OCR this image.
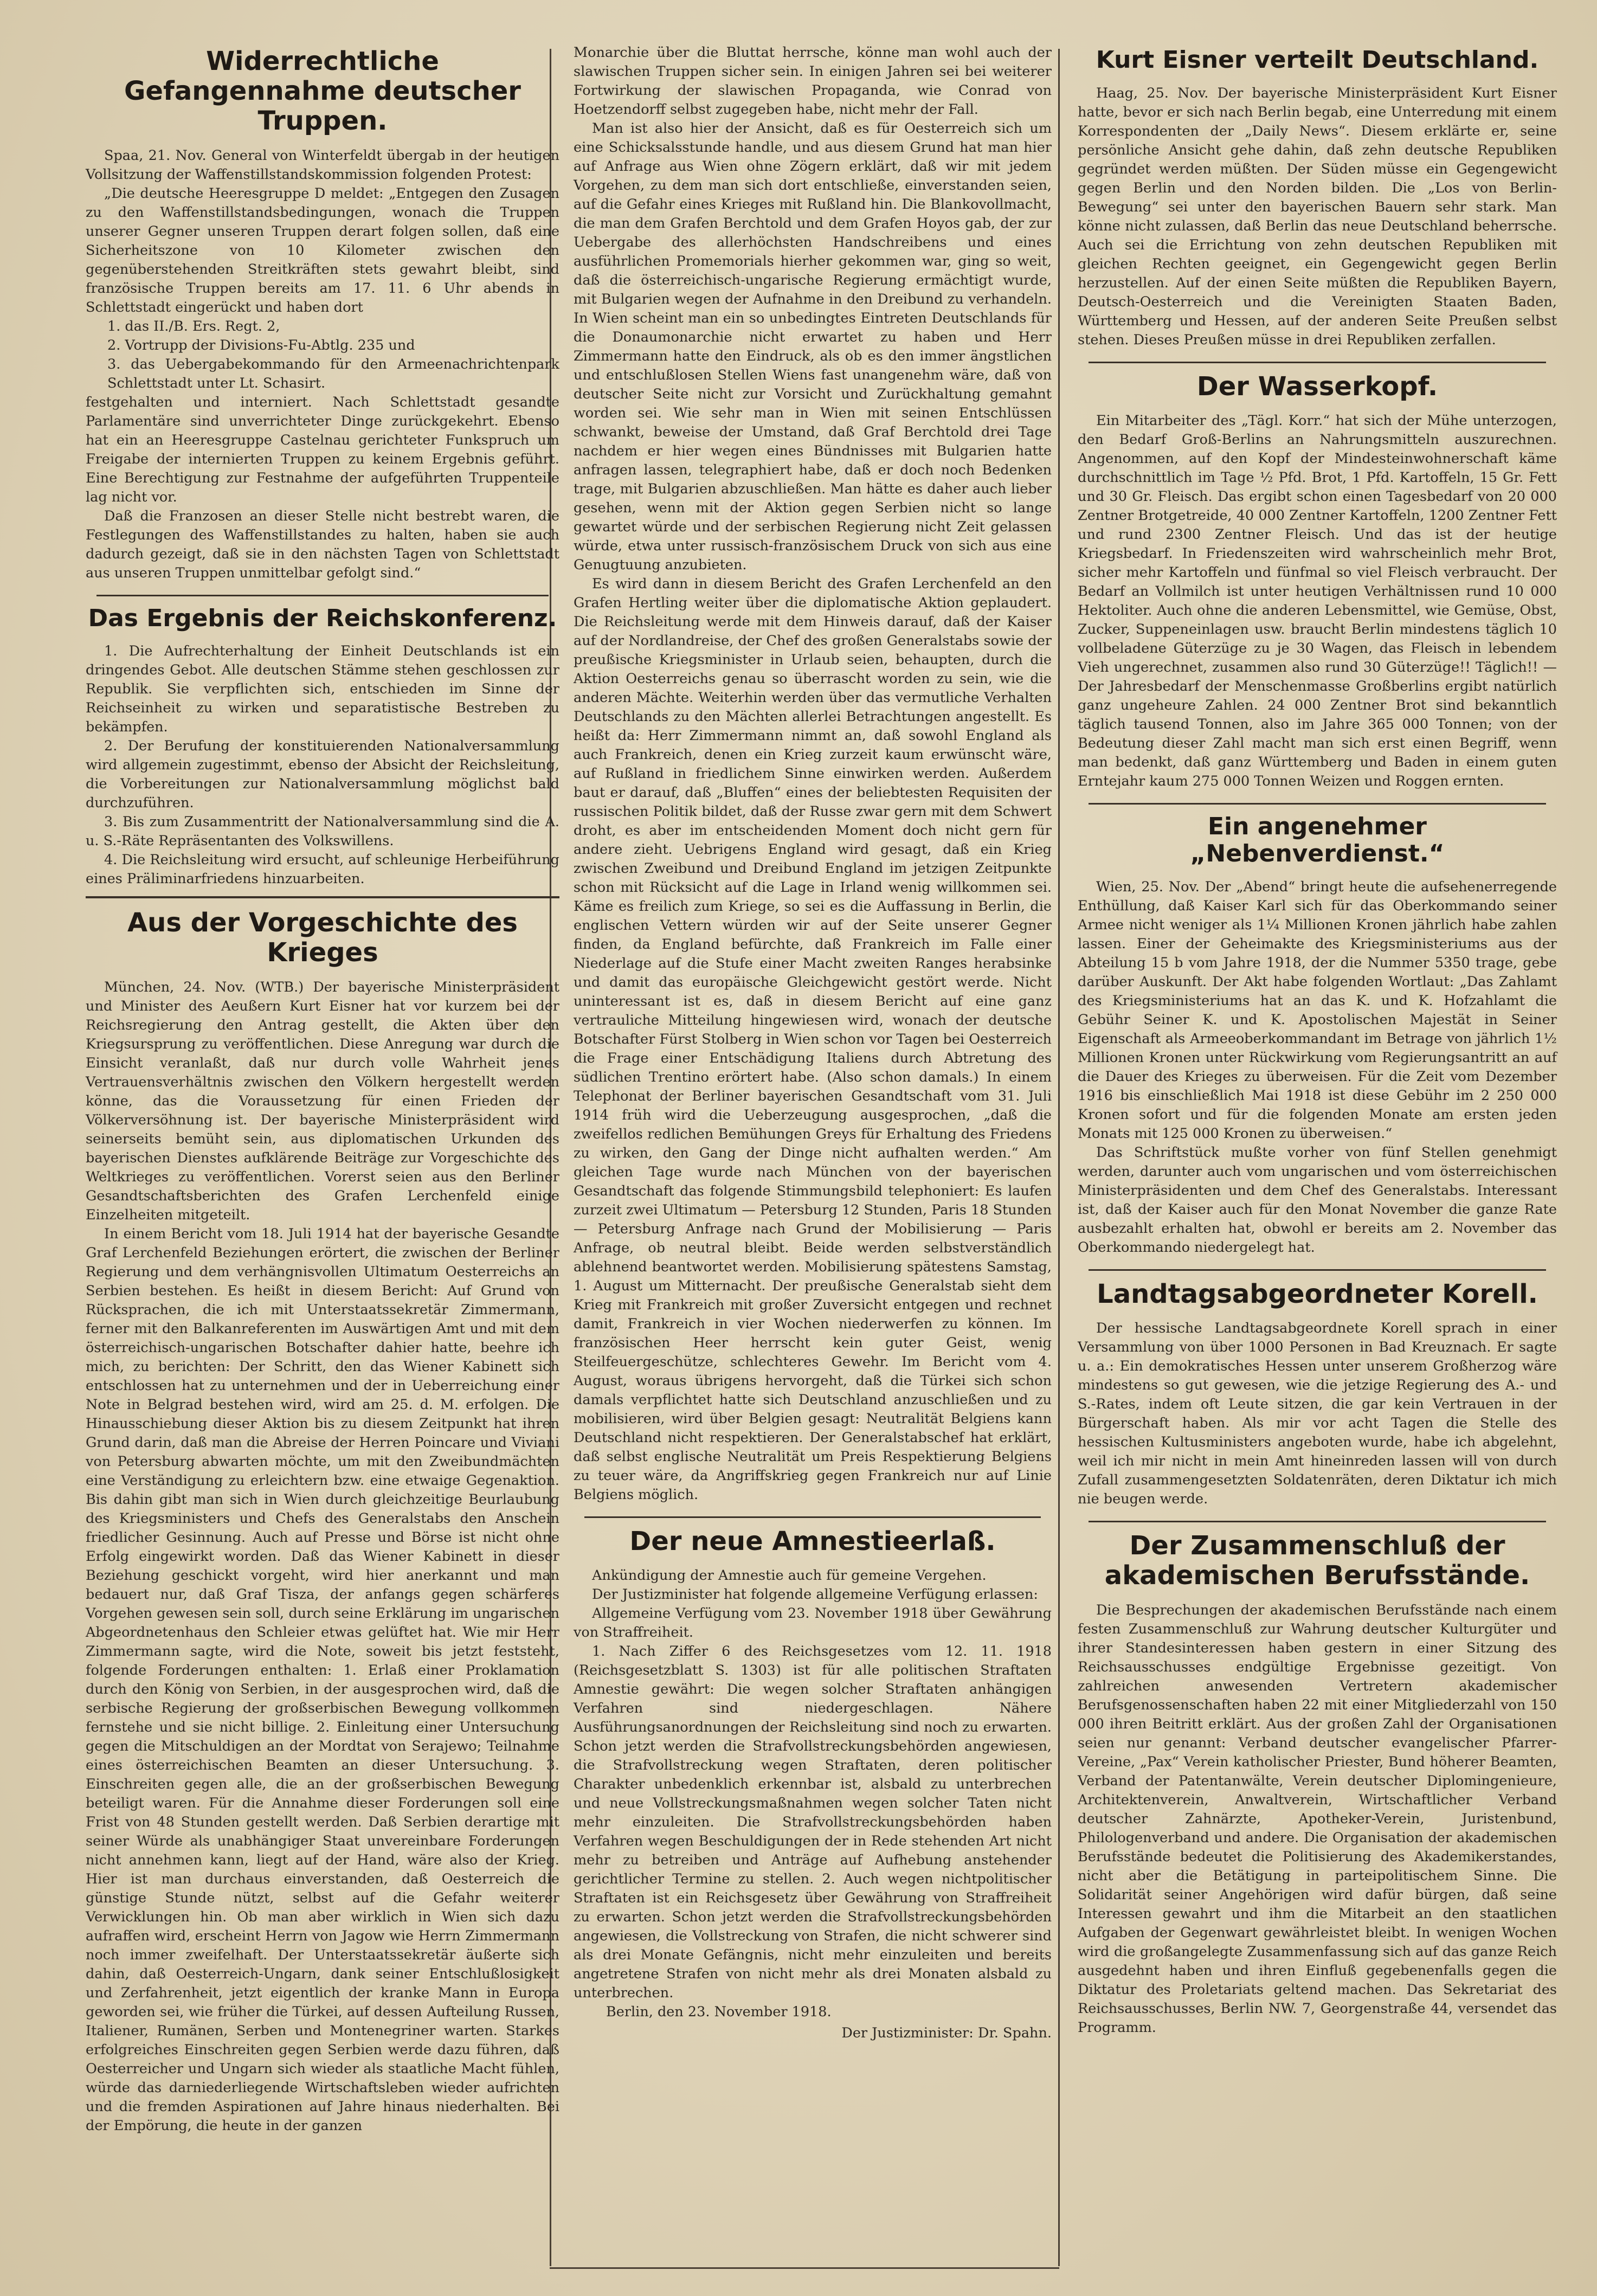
Widerrechtliche Gefangennahme deutscher Truppen.

Spaa, 21. Nov. General von Winterfeldt übergab in der heutigen Vollsitzung der Waffenstillstandskommission folgenden Protest:

„Die deutsche Heeresgruppe D meldet: „Entgegen den Zusagen zu den Waffenstillstandsbedingungen, wonach die Truppen unserer Gegner unseren Truppen derart folgen sollen, daß eine Sicherheitszone von 10 Kilometer zwischen den gegenüberstehenden Streitkräften stets gewahrt bleibt, sind französische Truppen bereits am 17. 11. 6 Uhr abends in Schlettstadt eingerückt und haben dort

1. das II./B. Ers. Regt. 2,

2. Vortrupp der Divisions-Fu-Abtlg. 235 und

3. das Uebergabekommando für den Armeenachrichtenpark Schlettstadt unter Lt. Schasirt.

festgehalten und interniert. Nach Schlettstadt gesandte Parlamentäre sind unverrichteter Dinge zurückgekehrt. Ebenso hat ein an Heeresgruppe Castelnau gerichteter Funkspruch um Freigabe der internierten Truppen zu keinem Ergebnis geführt. Eine Berechtigung zur Festnahme der aufgeführten Truppenteile lag nicht vor.

Daß die Franzosen an dieser Stelle nicht bestrebt waren, die Festlegungen des Waffenstillstandes zu halten, haben sie auch dadurch gezeigt, daß sie in den nächsten Tagen von Schlettstadt aus unseren Truppen unmittelbar gefolgt sind.“

Das Ergebnis der Reichskonferenz.

1. Die Aufrechterhaltung der Einheit Deutschlands ist ein dringendes Gebot. Alle deutschen Stämme stehen geschlossen zur Republik. Sie verpflichten sich, entschieden im Sinne der Reichseinheit zu wirken und separatistische Bestreben zu bekämpfen.

2. Der Berufung der konstituierenden Nationalversammlung wird allgemein zugestimmt, ebenso der Absicht der Reichsleitung, die Vorbereitungen zur Nationalversammlung möglichst bald durchzuführen.

3. Bis zum Zusammentritt der Nationalversammlung sind die A. u. S.-Räte Repräsentanten des Volkswillens.

4. Die Reichsleitung wird ersucht, auf schleunige Herbeiführung eines Präliminarfriedens hinzuarbeiten.

Aus der Vorgeschichte des Krieges

München, 24. Nov. (WTB.) Der bayerische Ministerpräsident und Minister des Aeußern Kurt Eisner hat vor kurzem bei der Reichsregierung den Antrag gestellt, die Akten über den Kriegsursprung zu veröffentlichen. Diese Anregung war durch die Einsicht veranlaßt, daß nur durch volle Wahrheit jenes Vertrauensverhältnis zwischen den Völkern hergestellt werden könne, das die Voraussetzung für einen Frieden der Völkerversöhnung ist. Der bayerische Ministerpräsident wird seinerseits bemüht sein, aus diplomatischen Urkunden des bayerischen Dienstes aufklärende Beiträge zur Vorgeschichte des Weltkrieges zu veröffentlichen. Vorerst seien aus den Berliner Gesandtschaftsberichten des Grafen Lerchenfeld einige Einzelheiten mitgeteilt.

In einem Bericht vom 18. Juli 1914 hat der bayerische Gesandte Graf Lerchenfeld Beziehungen erörtert, die zwischen der Berliner Regierung und dem verhängnisvollen Ultimatum Oesterreichs an Serbien bestehen. Es heißt in diesem Bericht: Auf Grund von Rücksprachen, die ich mit Unterstaatssekretär Zimmermann, ferner mit den Balkanreferenten im Auswärtigen Amt und mit dem österreichisch-ungarischen Botschafter dahier hatte, beehre ich mich, zu berichten: Der Schritt, den das Wiener Kabinett sich entschlossen hat zu unternehmen und der in Ueberreichung einer Note in Belgrad bestehen wird, wird am 25. d. M. erfolgen. Die Hinausschiebung dieser Aktion bis zu diesem Zeitpunkt hat ihren Grund darin, daß man die Abreise der Herren Poincare und Viviani von Petersburg abwarten möchte, um mit den Zweibundmächten eine Verständigung zu erleichtern bzw. eine etwaige Gegenaktion. Bis dahin gibt man sich in Wien durch gleichzeitige Beurlaubung des Kriegsministers und Chefs des Generalstabs den Anschein friedlicher Gesinnung. Auch auf Presse und Börse ist nicht ohne Erfolg eingewirkt worden. Daß das Wiener Kabinett in dieser Beziehung geschickt vorgeht, wird hier anerkannt und man bedauert nur, daß Graf Tisza, der anfangs gegen schärferes Vorgehen gewesen sein soll, durch seine Erklärung im ungarischen Abgeordnetenhaus den Schleier etwas gelüftet hat. Wie mir Herr Zimmermann sagte, wird die Note, soweit bis jetzt feststeht, folgende Forderungen enthalten: 1. Erlaß einer Proklamation durch den König von Serbien, in der ausgesprochen wird, daß die serbische Regierung der großserbischen Bewegung vollkommen fernstehe und sie nicht billige. 2. Einleitung einer Untersuchung gegen die Mitschuldigen an der Mordtat von Serajewo; Teilnahme eines österreichischen Beamten an dieser Untersuchung. 3. Einschreiten gegen alle, die an der großserbischen Bewegung beteiligt waren. Für die Annahme dieser Forderungen soll eine Frist von 48 Stunden gestellt werden. Daß Serbien derartige mit seiner Würde als unabhängiger Staat unvereinbare Forderungen nicht annehmen kann, liegt auf der Hand, wäre also der Krieg. Hier ist man durchaus einverstanden, daß Oesterreich die günstige Stunde nützt, selbst auf die Gefahr weiterer Verwicklungen hin. Ob man aber wirklich in Wien sich dazu aufraffen wird, erscheint Herrn von Jagow wie Herrn Zimmermann noch immer zweifelhaft. Der Unterstaatssekretär äußerte sich dahin, daß Oesterreich-Ungarn, dank seiner Entschlußlosigkeit und Zerfahrenheit, jetzt eigentlich der kranke Mann in Europa geworden sei, wie früher die Türkei, auf dessen Aufteilung Russen, Italiener, Rumänen, Serben und Montenegriner warten. Starkes erfolgreiches Einschreiten gegen Serbien werde dazu führen, daß Oesterreicher und Ungarn sich wieder als staatliche Macht fühlen, würde das darniederliegende Wirtschaftsleben wieder aufrichten und die fremden Aspirationen auf Jahre hinaus niederhalten. Bei der Empörung, die heute in der ganzen

Monarchie über die Bluttat herrsche, könne man wohl auch der slawischen Truppen sicher sein. In einigen Jahren sei bei weiterer Fortwirkung der slawischen Propaganda, wie Conrad von Hoetzendorff selbst zugegeben habe, nicht mehr der Fall.

Man ist also hier der Ansicht, daß es für Oesterreich sich um eine Schicksalsstunde handle, und aus diesem Grund hat man hier auf Anfrage aus Wien ohne Zögern erklärt, daß wir mit jedem Vorgehen, zu dem man sich dort entschließe, einverstanden seien, auf die Gefahr eines Krieges mit Rußland hin. Die Blankovollmacht, die man dem Grafen Berchtold und dem Grafen Hoyos gab, der zur Uebergabe des allerhöchsten Handschreibens und eines ausführlichen Promemorials hierher gekommen war, ging so weit, daß die österreichisch-ungarische Regierung ermächtigt wurde, mit Bulgarien wegen der Aufnahme in den Dreibund zu verhandeln. In Wien scheint man ein so unbedingtes Eintreten Deutschlands für die Donaumonarchie nicht erwartet zu haben und Herr Zimmermann hatte den Eindruck, als ob es den immer ängstlichen und entschlußlosen Stellen Wiens fast unangenehm wäre, daß von deutscher Seite nicht zur Vorsicht und Zurückhaltung gemahnt worden sei. Wie sehr man in Wien mit seinen Entschlüssen schwankt, beweise der Umstand, daß Graf Berchtold drei Tage nachdem er hier wegen eines Bündnisses mit Bulgarien hatte anfragen lassen, telegraphiert habe, daß er doch noch Bedenken trage, mit Bulgarien abzuschließen. Man hätte es daher auch lieber gesehen, wenn mit der Aktion gegen Serbien nicht so lange gewartet würde und der serbischen Regierung nicht Zeit gelassen würde, etwa unter russisch-französischem Druck von sich aus eine Genugtuung anzubieten.

Es wird dann in diesem Bericht des Grafen Lerchenfeld an den Grafen Hertling weiter über die diplomatische Aktion geplaudert. Die Reichsleitung werde mit dem Hinweis darauf, daß der Kaiser auf der Nordlandreise, der Chef des großen Generalstabs sowie der preußische Kriegsminister in Urlaub seien, behaupten, durch die Aktion Oesterreichs genau so überrascht worden zu sein, wie die anderen Mächte. Weiterhin werden über das vermutliche Verhalten Deutschlands zu den Mächten allerlei Betrachtungen angestellt. Es heißt da: Herr Zimmermann nimmt an, daß sowohl England als auch Frankreich, denen ein Krieg zurzeit kaum erwünscht wäre, auf Rußland in friedlichem Sinne einwirken werden. Außerdem baut er darauf, daß „Bluffen“ eines der beliebtesten Requisiten der russischen Politik bildet, daß der Russe zwar gern mit dem Schwert droht, es aber im entscheidenden Moment doch nicht gern für andere zieht. Uebrigens England wird gesagt, daß ein Krieg zwischen Zweibund und Dreibund England im jetzigen Zeitpunkte schon mit Rücksicht auf die Lage in Irland wenig willkommen sei. Käme es freilich zum Kriege, so sei es die Auffassung in Berlin, die englischen Vettern würden wir auf der Seite unserer Gegner finden, da England befürchte, daß Frankreich im Falle einer Niederlage auf die Stufe einer Macht zweiten Ranges herabsinke und damit das europäische Gleichgewicht gestört werde. Nicht uninteressant ist es, daß in diesem Bericht auf eine ganz vertrauliche Mitteilung hingewiesen wird, wonach der deutsche Botschafter Fürst Stolberg in Wien schon vor Tagen bei Oesterreich die Frage einer Entschädigung Italiens durch Abtretung des südlichen Trentino erörtert habe. (Also schon damals.) In einem Telephonat der Berliner bayerischen Gesandtschaft vom 31. Juli 1914 früh wird die Ueberzeugung ausgesprochen, „daß die zweifellos redlichen Bemühungen Greys für Erhaltung des Friedens zu wirken, den Gang der Dinge nicht aufhalten werden.“ Am gleichen Tage wurde nach München von der bayerischen Gesandtschaft das folgende Stimmungsbild telephoniert: Es laufen zurzeit zwei Ultimatum — Petersburg 12 Stunden, Paris 18 Stunden — Petersburg Anfrage nach Grund der Mobilisierung — Paris Anfrage, ob neutral bleibt. Beide werden selbstverständlich ablehnend beantwortet werden. Mobilisierung spätestens Samstag, 1. August um Mitternacht. Der preußische Generalstab sieht dem Krieg mit Frankreich mit großer Zuversicht entgegen und rechnet damit, Frankreich in vier Wochen niederwerfen zu können. Im französischen Heer herrscht kein guter Geist, wenig Steilfeuergeschütze, schlechteres Gewehr. Im Bericht vom 4. August, woraus übrigens hervorgeht, daß die Türkei sich schon damals verpflichtet hatte sich Deutschland anzuschließen und zu mobilisieren, wird über Belgien gesagt: Neutralität Belgiens kann Deutschland nicht respektieren. Der Generalstabschef hat erklärt, daß selbst englische Neutralität um Preis Respektierung Belgiens zu teuer wäre, da Angriffskrieg gegen Frankreich nur auf Linie Belgiens möglich.

Der neue Amnestieerlaß.

Ankündigung der Amnestie auch für gemeine Vergehen.

Der Justizminister hat folgende allgemeine Verfügung erlassen:

Allgemeine Verfügung vom 23. November 1918 über Gewährung von Straffreiheit.

1. Nach Ziffer 6 des Reichsgesetzes vom 12. 11. 1918 (Reichsgesetzblatt S. 1303) ist für alle politischen Straftaten Amnestie gewährt: Die wegen solcher Straftaten anhängigen Verfahren sind niedergeschlagen. Nähere Ausführungsanordnungen der Reichsleitung sind noch zu erwarten. Schon jetzt werden die Strafvollstreckungsbehörden angewiesen, die Strafvollstreckung wegen Straftaten, deren politischer Charakter unbedenklich erkennbar ist, alsbald zu unterbrechen und neue Vollstreckungsmaßnahmen wegen solcher Taten nicht mehr einzuleiten. Die Strafvollstreckungsbehörden haben Verfahren wegen Beschuldigungen der in Rede stehenden Art nicht mehr zu betreiben und Anträge auf Aufhebung anstehender gerichtlicher Termine zu stellen. 2. Auch wegen nichtpolitischer Straftaten ist ein Reichsgesetz über Gewährung von Straffreiheit zu erwarten. Schon jetzt werden die Strafvollstreckungsbehörden angewiesen, die Vollstreckung von Strafen, die nicht schwerer sind als drei Monate Gefängnis, nicht mehr einzuleiten und bereits angetretene Strafen von nicht mehr als drei Monaten alsbald zu unterbrechen.

Berlin, den 23. November 1918.

Der Justizminister: Dr. Spahn.

Kurt Eisner verteilt Deutschland.

Haag, 25. Nov. Der bayerische Ministerpräsident Kurt Eisner hatte, bevor er sich nach Berlin begab, eine Unterredung mit einem Korrespondenten der „Daily News“. Diesem erklärte er, seine persönliche Ansicht gehe dahin, daß zehn deutsche Republiken gegründet werden müßten. Der Süden müsse ein Gegengewicht gegen Berlin und den Norden bilden. Die „Los von Berlin-Bewegung“ sei unter den bayerischen Bauern sehr stark. Man könne nicht zulassen, daß Berlin das neue Deutschland beherrsche. Auch sei die Errichtung von zehn deutschen Republiken mit gleichen Rechten geeignet, ein Gegengewicht gegen Berlin herzustellen. Auf der einen Seite müßten die Republiken Bayern, Deutsch-Oesterreich und die Vereinigten Staaten Baden, Württemberg und Hessen, auf der anderen Seite Preußen selbst stehen. Dieses Preußen müsse in drei Republiken zerfallen.

Der Wasserkopf.

Ein Mitarbeiter des „Tägl. Korr.“ hat sich der Mühe unterzogen, den Bedarf Groß-Berlins an Nahrungsmitteln auszurechnen. Angenommen, auf den Kopf der Mindesteinwohnerschaft käme durchschnittlich im Tage ½ Pfd. Brot, 1 Pfd. Kartoffeln, 15 Gr. Fett und 30 Gr. Fleisch. Das ergibt schon einen Tagesbedarf von 20 000 Zentner Brotgetreide, 40 000 Zentner Kartoffeln, 1200 Zentner Fett und rund 2300 Zentner Fleisch. Und das ist der heutige Kriegsbedarf. In Friedenszeiten wird wahrscheinlich mehr Brot, sicher mehr Kartoffeln und fünfmal so viel Fleisch verbraucht. Der Bedarf an Vollmilch ist unter heutigen Verhältnissen rund 10 000 Hektoliter. Auch ohne die anderen Lebensmittel, wie Gemüse, Obst, Zucker, Suppeneinlagen usw. braucht Berlin mindestens täglich 10 vollbeladene Güterzüge zu je 30 Wagen, das Fleisch in lebendem Vieh ungerechnet, zusammen also rund 30 Güterzüge!! Täglich!! — Der Jahresbedarf der Menschenmasse Großberlins ergibt natürlich ganz ungeheure Zahlen. 24 000 Zentner Brot sind bekanntlich täglich tausend Tonnen, also im Jahre 365 000 Tonnen; von der Bedeutung dieser Zahl macht man sich erst einen Begriff, wenn man bedenkt, daß ganz Württemberg und Baden in einem guten Erntejahr kaum 275 000 Tonnen Weizen und Roggen ernten.

Ein angenehmer „Nebenverdienst.“

Wien, 25. Nov. Der „Abend“ bringt heute die aufsehenerregende Enthüllung, daß Kaiser Karl sich für das Oberkommando seiner Armee nicht weniger als 1¼ Millionen Kronen jährlich habe zahlen lassen. Einer der Geheimakte des Kriegsministeriums aus der Abteilung 15 b vom Jahre 1918, der die Nummer 5350 trage, gebe darüber Auskunft. Der Akt habe folgenden Wortlaut: „Das Zahlamt des Kriegsministeriums hat an das K. und K. Hofzahlamt die Gebühr Seiner K. und K. Apostolischen Majestät in Seiner Eigenschaft als Armeeoberkommandant im Betrage von jährlich 1½ Millionen Kronen unter Rückwirkung vom Regierungsantritt an auf die Dauer des Krieges zu überweisen. Für die Zeit vom Dezember 1916 bis einschließlich Mai 1918 ist diese Gebühr im 2 250 000 Kronen sofort und für die folgenden Monate am ersten jeden Monats mit 125 000 Kronen zu überweisen.“

Das Schriftstück mußte vorher von fünf Stellen genehmigt werden, darunter auch vom ungarischen und vom österreichischen Ministerpräsidenten und dem Chef des Generalstabs. Interessant ist, daß der Kaiser auch für den Monat November die ganze Rate ausbezahlt erhalten hat, obwohl er bereits am 2. November das Oberkommando niedergelegt hat.

Landtagsabgeordneter Korell.

Der hessische Landtagsabgeordnete Korell sprach in einer Versammlung von über 1000 Personen in Bad Kreuznach. Er sagte u. a.: Ein demokratisches Hessen unter unserem Großherzog wäre mindestens so gut gewesen, wie die jetzige Regierung des A.- und S.-Rates, indem oft Leute sitzen, die gar kein Vertrauen in der Bürgerschaft haben. Als mir vor acht Tagen die Stelle des hessischen Kultusministers angeboten wurde, habe ich abgelehnt, weil ich mir nicht in mein Amt hineinreden lassen will von durch Zufall zusammengesetzten Soldatenräten, deren Diktatur ich mich nie beugen werde.

Der Zusammenschluß der akademischen Berufsstände.

Die Besprechungen der akademischen Berufsstände nach einem festen Zusammenschluß zur Wahrung deutscher Kulturgüter und ihrer Standesinteressen haben gestern in einer Sitzung des Reichsausschusses endgültige Ergebnisse gezeitigt. Von zahlreichen anwesenden Vertretern akademischer Berufsgenossenschaften haben 22 mit einer Mitgliederzahl von 150 000 ihren Beitritt erklärt. Aus der großen Zahl der Organisationen seien nur genannt: Verband deutscher evangelischer Pfarrer-Vereine, „Pax“ Verein katholischer Priester, Bund höherer Beamten, Verband der Patentanwälte, Verein deutscher Diplomingenieure, Architektenverein, Anwaltverein, Wirtschaftlicher Verband deutscher Zahnärzte, Apotheker-Verein, Juristenbund, Philologenverband und andere. Die Organisation der akademischen Berufsstände bedeutet die Politisierung des Akademikerstandes, nicht aber die Betätigung in parteipolitischem Sinne. Die Solidarität seiner Angehörigen wird dafür bürgen, daß seine Interessen gewahrt und ihm die Mitarbeit an den staatlichen Aufgaben der Gegenwart gewährleistet bleibt. In wenigen Wochen wird die großangelegte Zusammenfassung sich auf das ganze Reich ausgedehnt haben und ihren Einfluß gegebenenfalls gegen die Diktatur des Proletariats geltend machen. Das Sekretariat des Reichsausschusses, Berlin NW. 7, Georgenstraße 44, versendet das Programm.
